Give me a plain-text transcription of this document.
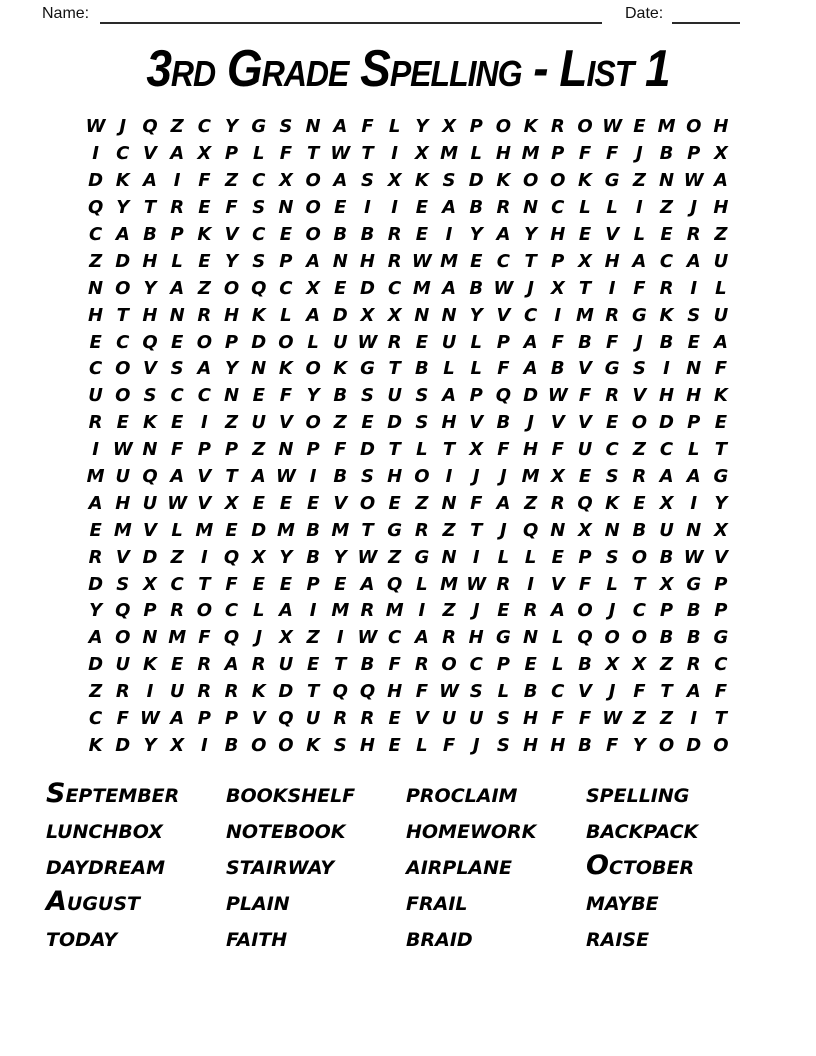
Name:	Date:
3rd Grade Spelling - List 1
W J Q Z C Y G S N A F L Y X P O K R O W E M O H
I C V A X P L F T W T I X M L H M P F F J B P X
D K A I F Z C X O A S X K S D K O O K G Z N W A
Q Y T R E F S N O E I	I E A B R N C L L	I Z J H
C A B P K V C E O B B R E I Y A Y H E V L E R Z
Z D H L E Y S P A N H R W M E C T P X H A C A U
N O Y A Z O Q C X E D C M A B W J X T I F R I	L
H T H N R H K L A D X X N N Y V C I M R G K S U
E C Q E O P D O L U W R E U L P A F B F J B E A
C O V S A Y N K O K G T B L L F A B V G S I N F
U O S C C N E F Y B S U S A P Q D W F R V H H K
R E K E I Z U V O Z E D S H V B J V V E O D P E
I W N F P P Z N P F D T L T X F H F U C Z C L T
M U Q A V T A W I B S H O I	J	J M X E S R A A G
A H U W V X E E E V O E Z N F A Z R Q K E X I Y
E M V L M E D M B M T G R Z T J Q N X N B U N X
R V D Z I Q X Y B Y W Z G N I	L L E P S O B W V
D S X C T F E E P E A Q L M W R I V F L T X G P
Y Q P R O C L A I M R M I Z J E R A O J C P B P
A O N M F Q J X Z I W C A R H G N L Q O O B B G
D U K E R A R U E T B F R O C P E L B X X Z R C
Z R I U R R K D T Q Q H F W S L B C V J F T A F
C F W A P P V Q U R R E V U U S H F F W Z Z I T
K D Y X I B O O K S H E L F J S H H B F Y O D O
September	bookshelf	proclaim	spelling
lunchbox	notebook	homework	backpack
daydream	stairway	airplane	October
August	plain	frail	maybe
today	faith	braid	raise
